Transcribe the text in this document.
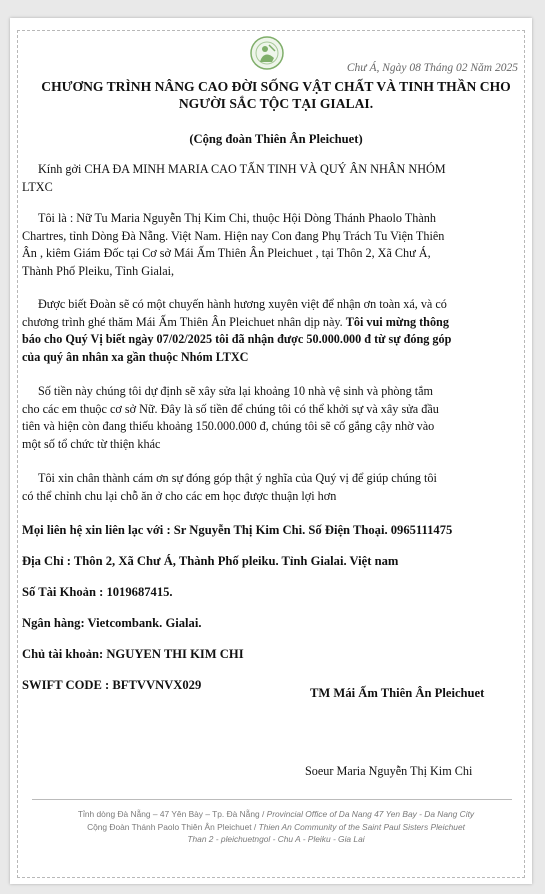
Chư Á, Ngày 08 Tháng 02 Năm 2025
CHƯƠNG TRÌNH NÂNG CAO ĐỜI SỐNG VẬT CHẤT VÀ TINH THẦN CHO
NGƯỜI SẮC TỘC TẠI GIALAI.
(Cộng đoàn Thiên Ân Pleichuet)
Kính gởi CHA ĐA MINH MARIA CAO TẤN TINH VÀ QUÝ ÂN NHÂN NHÓM
LTXC
Tôi là : Nữ Tu Maria Nguyễn Thị Kim Chi, thuộc Hội Dòng Thánh Phaolo Thành
Chartres, tỉnh Dòng Đà Nẵng. Việt Nam. Hiện nay Con đang Phụ Trách Tu Viện Thiên
Ân , kiêm Giám Đốc tại Cơ sở Mái Ấm Thiên Ân Pleichuet , tại Thôn 2, Xã Chư Á,
Thành Phố Pleiku, Tỉnh Gialai,
Được biết Đoàn sẽ có một chuyến hành hương xuyên việt để nhận ơn toàn xá, và có
chương trình ghé thăm Mái Ấm Thiên Ân Pleichuet nhân dịp này. Tôi vui mừng thông
báo cho Quý Vị biết ngày 07/02/2025 tôi đã nhận được 50.000.000 đ từ sự đóng góp
của quý ân nhân xa gần thuộc Nhóm LTXC
Số tiền này chúng tôi dự định sẽ xây sửa lại khoảng 10 nhà vệ sinh và phòng tắm
cho các em thuộc cơ sở Nữ. Đây là số tiền để chúng tôi có thể khởi sự và xây sửa đầu
tiên và hiện còn đang thiếu khoảng 150.000.000 đ, chúng tôi sẽ cố gắng cậy nhờ vào
một số tổ chức từ thiện khác
Tôi xin chân thành cám ơn sự đóng góp thật ý nghĩa của Quý vị để giúp chúng tôi
có thể chỉnh chu lại chỗ ăn ở cho các em học được thuận lợi hơn
Mọi liên hệ xin liên lạc với : Sr Nguyễn Thị Kim Chi. Số Điện Thoại. 0965111475
Địa Chỉ : Thôn 2, Xã Chư Á, Thành Phố pleiku. Tỉnh Gialai. Việt nam
Số Tài Khoản : 1019687415.
Ngân hàng: Vietcombank. Gialai.
Chủ tài khoản: NGUYEN THI KIM CHI
SWIFT CODE : BFTVVNVX029
TM Mái Ấm Thiên Ân Pleichuet
Soeur Maria Nguyễn Thị Kim Chi
Tỉnh dòng Đà Nẵng – 47 Yên Bày – Tp. Đà Nẵng / Provincial Office of Da Nang 47 Yen Bay - Da Nang City
Cộng Đoàn Thánh Paolo Thiên Ân Pleichuet / Thien An Community of the Saint Paul Sisters Pleichuet
Than 2 - pleichuetngol - Chu A - Pleiku - Gia Lai
